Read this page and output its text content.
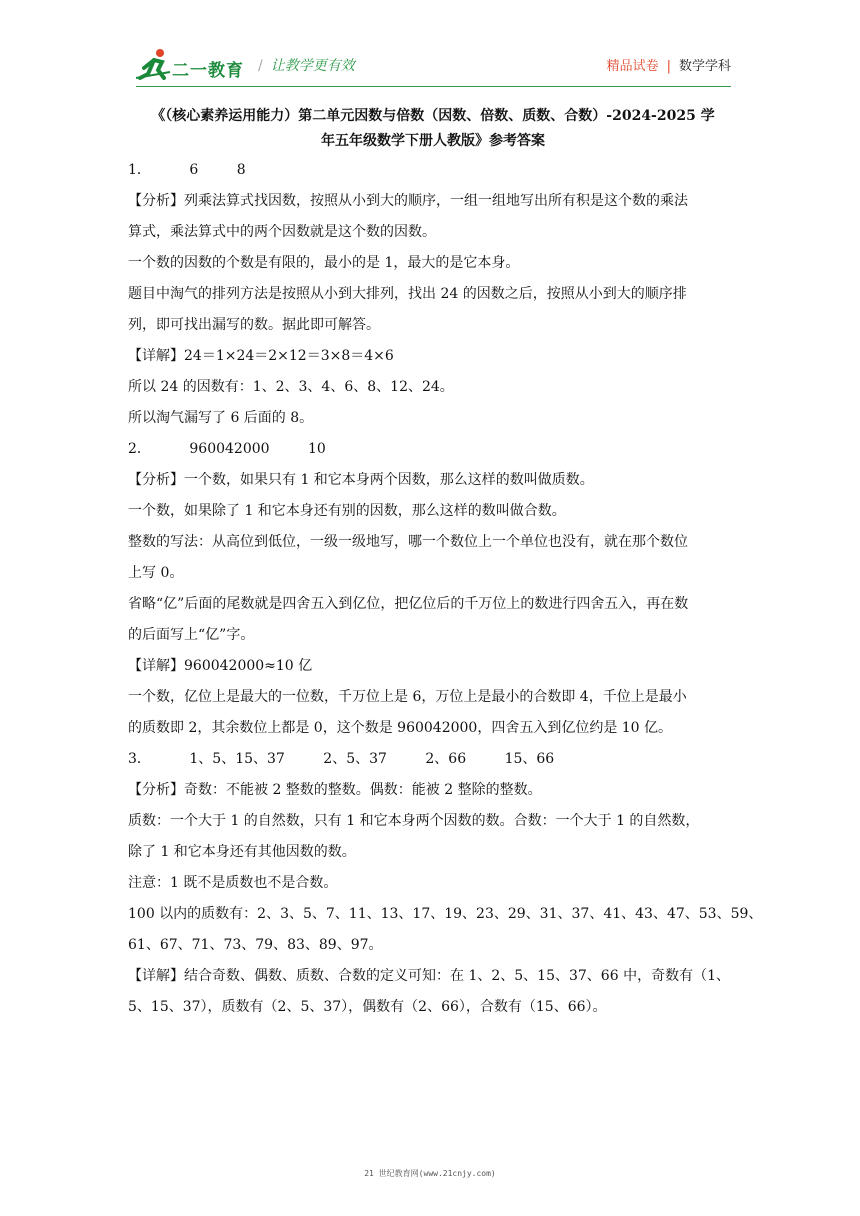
二一教育 / 让教学更有效	精品试卷 | 数学学科
《（核心素养运用能力）第二单元因数与倍数（因数、倍数、质数、合数）-2024-2025 学
年五年级数学下册人教版》参考答案
1．	6	8
【分析】列乘法算式找因数，按照从小到大的顺序，一组一组地写出所有积是这个数的乘法
算式，乘法算式中的两个因数就是这个数的因数。
一个数的因数的个数是有限的，最小的是 1，最大的是它本身。
题目中淘气的排列方法是按照从小到大排列，找出 24 的因数之后，按照从小到大的顺序排
列，即可找出漏写的数。据此即可解答。
【详解】24＝1×24＝2×12＝3×8＝4×6
所以 24 的因数有：1、2、3、4、6、8、12、24。
所以淘气漏写了 6 后面的 8。
2．	960042000	10
【分析】一个数，如果只有 1 和它本身两个因数，那么这样的数叫做质数。
一个数，如果除了 1 和它本身还有别的因数，那么这样的数叫做合数。
整数的写法：从高位到低位，一级一级地写，哪一个数位上一个单位也没有，就在那个数位
上写 0。
省略“亿”后面的尾数就是四舍五入到亿位，把亿位后的千万位上的数进行四舍五入，再在数
的后面写上“亿”字。
【详解】960042000≈10 亿
一个数，亿位上是最大的一位数，千万位上是 6，万位上是最小的合数即 4，千位上是最小
的质数即 2，其余数位上都是 0，这个数是 960042000，四舍五入到亿位约是 10 亿。
3．	1、5、15、37	2、5、37	2、66	15、66
【分析】奇数：不能被 2 整数的整数。偶数：能被 2 整除的整数。
质数：一个大于 1 的自然数，只有 1 和它本身两个因数的数。合数：一个大于 1 的自然数，
除了 1 和它本身还有其他因数的数。
注意：1 既不是质数也不是合数。
100 以内的质数有：2、3、5、7、11、13、17、19、23、29、31、37、41、43、47、53、59、
61、67、71、73、79、83、89、97。
【详解】结合奇数、偶数、质数、合数的定义可知：在 1、2、5、15、37、66 中，奇数有（1、
5、15、37），质数有（2、5、37），偶数有（2、66），合数有（15、66）。
21 世纪教育网(www.21cnjy.com)
